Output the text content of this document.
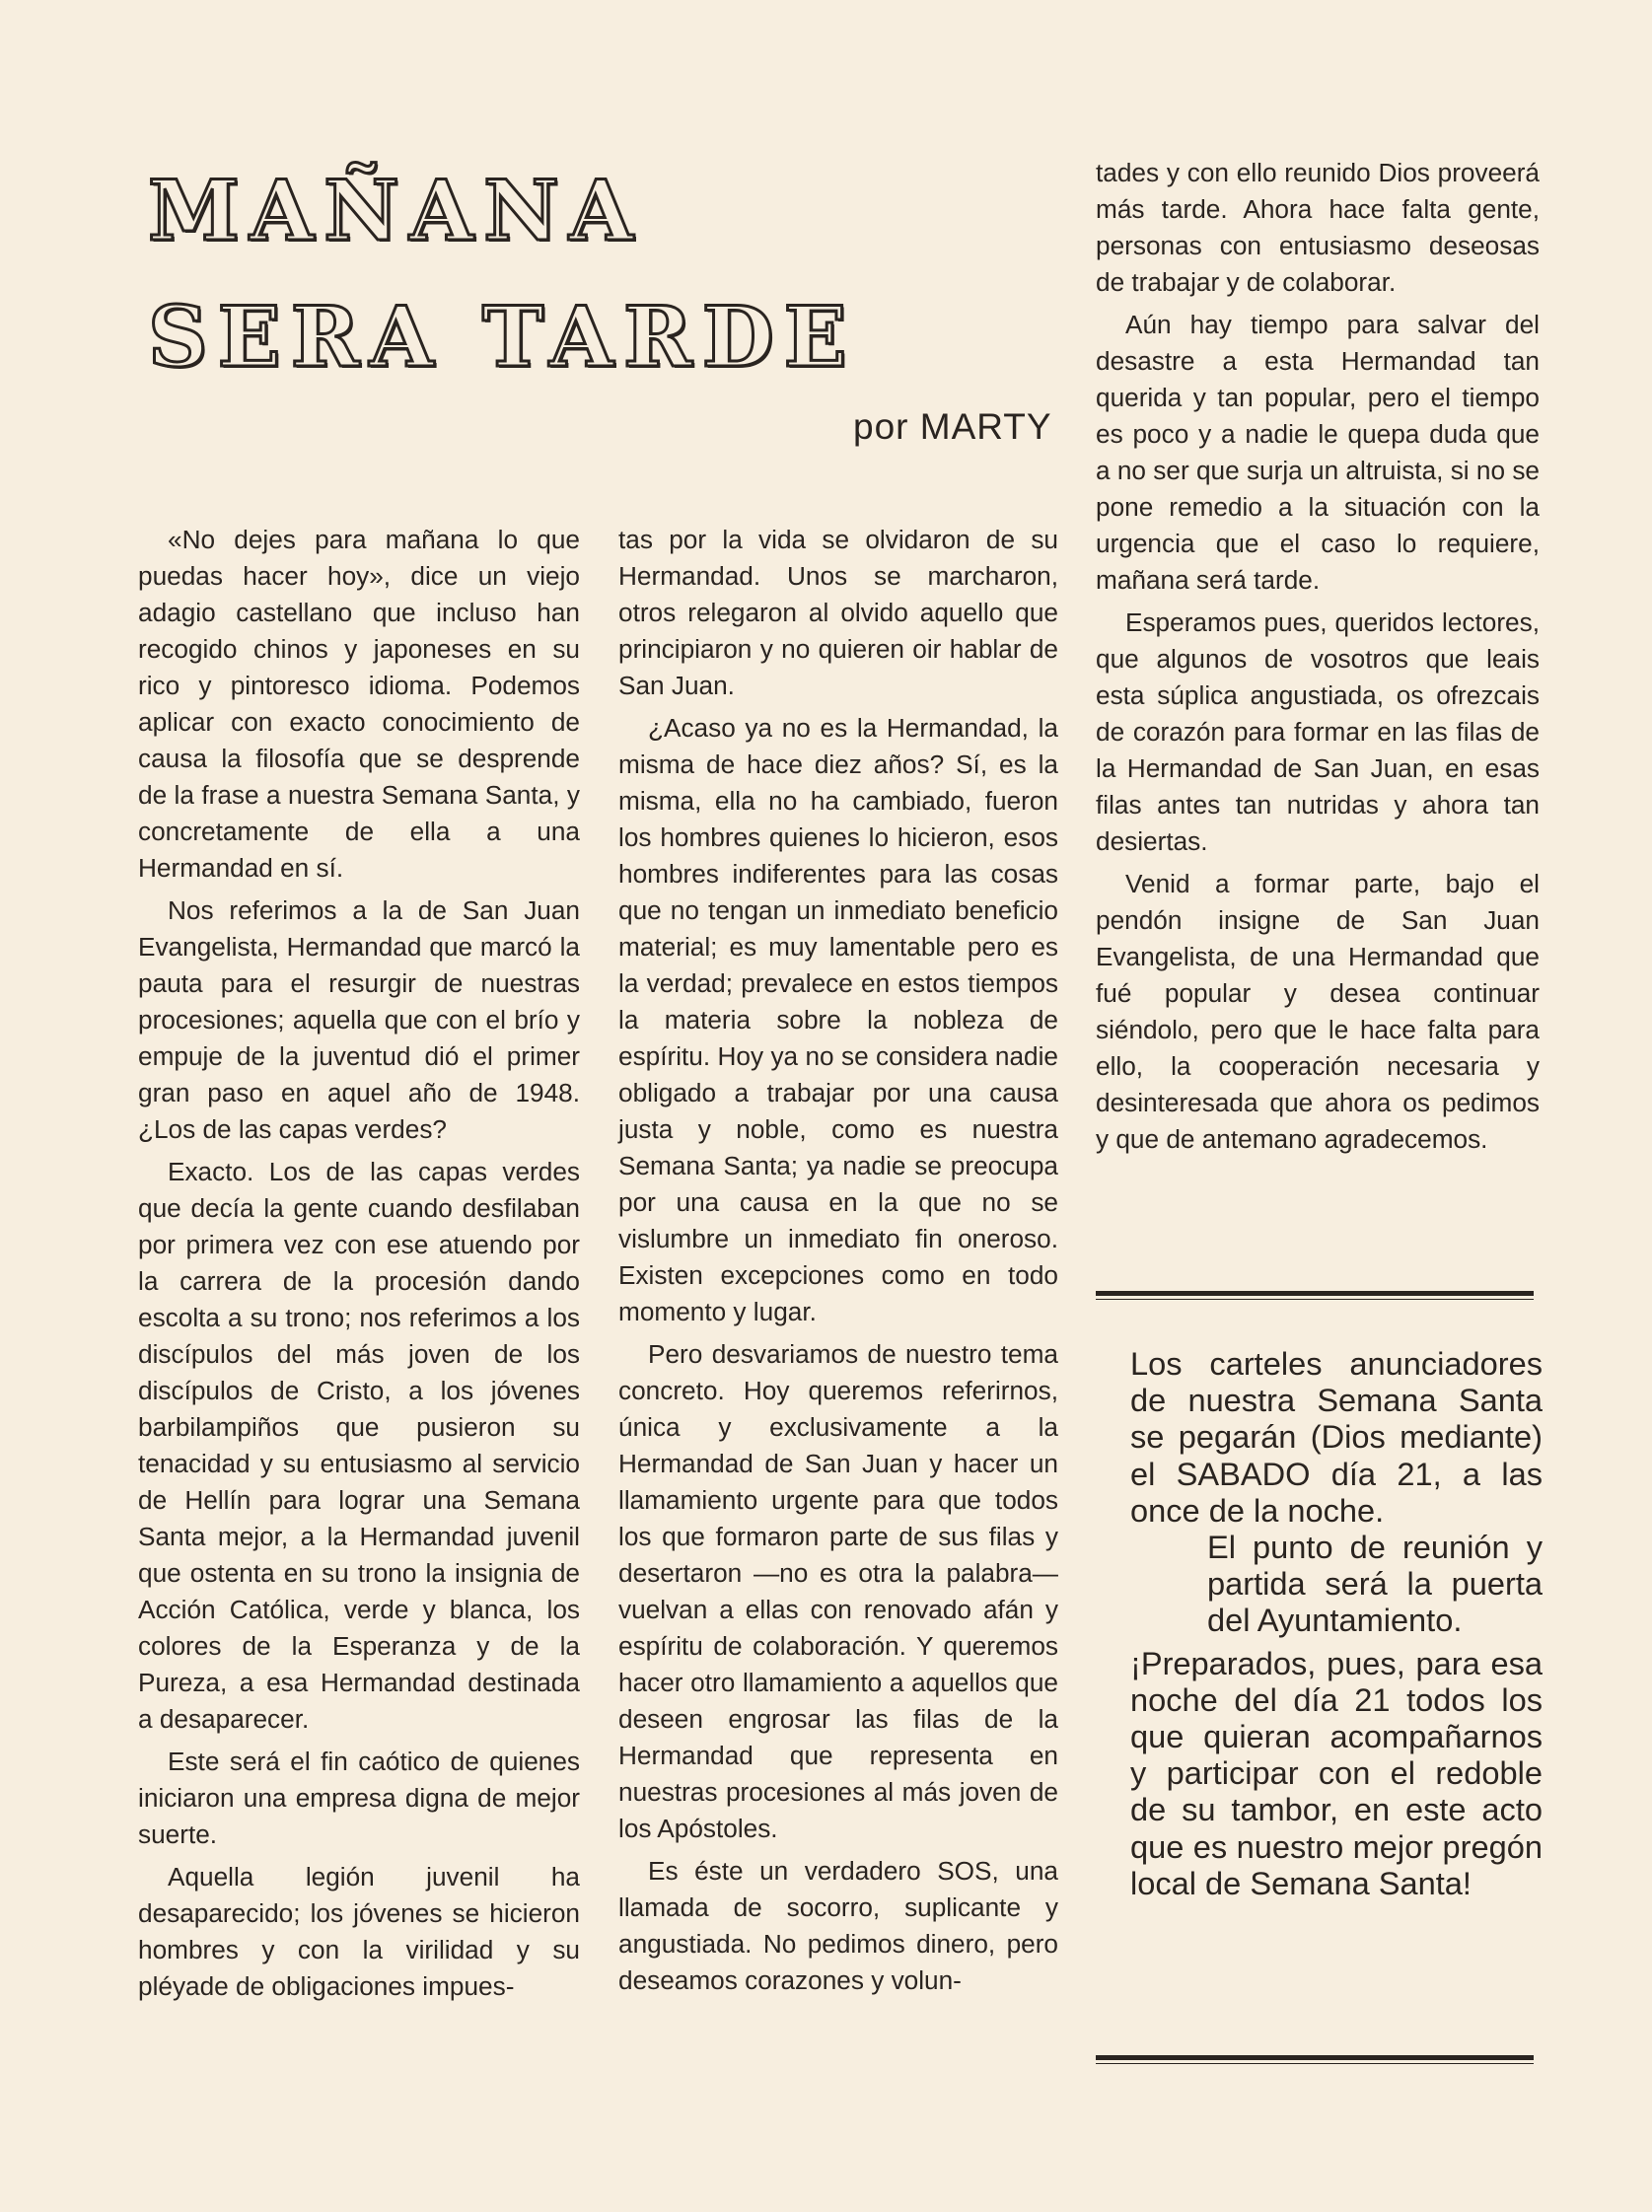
MAÑANA
SERA TARDE
por MARTY

«No dejes para mañana lo que puedas hacer hoy», dice un viejo adagio castellano que incluso han recogido chinos y japoneses en su rico y pintoresco idioma. Podemos aplicar con exacto conocimiento de causa la filosofía que se desprende de la frase a nuestra Semana Santa, y concretamente de ella a una Hermandad en sí.

Nos referimos a la de San Juan Evangelista, Hermandad que marcó la pauta para el resurgir de nuestras procesiones; aquella que con el brío y empuje de la juventud dió el primer gran paso en aquel año de 1948. ¿Los de las capas verdes?

Exacto. Los de las capas verdes que decía la gente cuando desfilaban por primera vez con ese atuendo por la carrera de la procesión dando escolta a su trono; nos referimos a los discípulos del más joven de los discípulos de Cristo, a los jóvenes barbilampiños que pusieron su tenacidad y su entusiasmo al servicio de Hellín para lograr una Semana Santa mejor, a la Hermandad juvenil que ostenta en su trono la insignia de Acción Católica, verde y blanca, los colores de la Esperanza y de la Pureza, a esa Hermandad destinada a desaparecer.

Este será el fin caótico de quienes iniciaron una empresa digna de mejor suerte.

Aquella legión juvenil ha desaparecido; los jóvenes se hicieron hombres y con la virilidad y su pléyade de obligaciones impues-

tas por la vida se olvidaron de su Hermandad. Unos se marcharon, otros relegaron al olvido aquello que principiaron y no quieren oir hablar de San Juan.

¿Acaso ya no es la Hermandad, la misma de hace diez años? Sí, es la misma, ella no ha cambiado, fueron los hombres quienes lo hicieron, esos hombres indiferentes para las cosas que no tengan un inmediato beneficio material; es muy lamentable pero es la verdad; prevalece en estos tiempos la materia sobre la nobleza de espíritu. Hoy ya no se considera nadie obligado a trabajar por una causa justa y noble, como es nuestra Semana Santa; ya nadie se preocupa por una causa en la que no se vislumbre un inmediato fin oneroso. Existen excepciones como en todo momento y lugar.

Pero desvariamos de nuestro tema concreto. Hoy queremos referirnos, única y exclusivamente a la Hermandad de San Juan y hacer un llamamiento urgente para que todos los que formaron parte de sus filas y desertaron —no es otra la palabra— vuelvan a ellas con renovado afán y espíritu de colaboración. Y queremos hacer otro llamamiento a aquellos que deseen engrosar las filas de la Hermandad que representa en nuestras procesiones al más joven de los Apóstoles.

Es éste un verdadero SOS, una llamada de socorro, suplicante y angustiada. No pedimos dinero, pero deseamos corazones y volun-

tades y con ello reunido Dios proveerá más tarde. Ahora hace falta gente, personas con entusiasmo deseosas de trabajar y de colaborar.

Aún hay tiempo para salvar del desastre a esta Hermandad tan querida y tan popular, pero el tiempo es poco y a nadie le quepa duda que a no ser que surja un altruista, si no se pone remedio a la situación con la urgencia que el caso lo requiere, mañana será tarde.

Esperamos pues, queridos lectores, que algunos de vosotros que leais esta súplica angustiada, os ofrezcais de corazón para formar en las filas de la Hermandad de San Juan, en esas filas antes tan nutridas y ahora tan desiertas.

Venid a formar parte, bajo el pendón insigne de San Juan Evangelista, de una Hermandad que fué popular y desea continuar siéndolo, pero que le hace falta para ello, la cooperación necesaria y desinteresada que ahora os pedimos y que de antemano agradecemos.

Los carteles anunciadores de nuestra Semana Santa se pegarán (Dios mediante) el SABADO día 21, a las once de la noche.

El punto de reunión y partida será la puerta del Ayuntamiento.

¡Preparados, pues, para esa noche del día 21 todos los que quieran acompañarnos y participar con el redoble de su tambor, en este acto que es nuestro mejor pregón local de Semana Santa!
